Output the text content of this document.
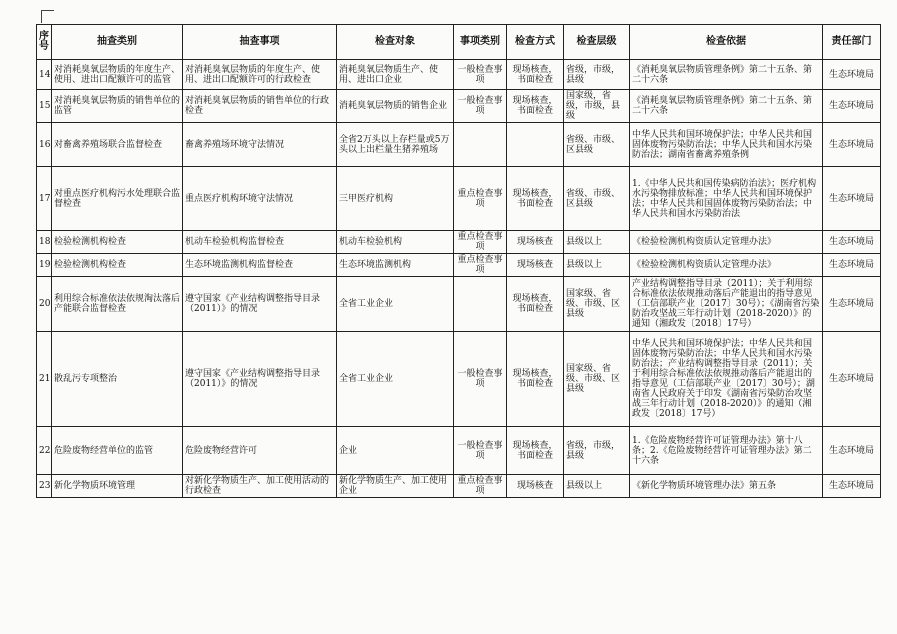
序号	抽查类别	抽查事项	检查对象	事项类别	检查方式	检查层级	检查依据	责任部门
14	对消耗臭氧层物质的年度生产、使用、进出口配额许可的监管	对消耗臭氧层物质的年度生产、使用、进出口配额许可的行政检查	消耗臭氧层物质生产、使用、进出口企业	一般检查事项	现场核查，书面检查	省级，市级，县级	《消耗臭氧层物质管理条例》第二十五条、第二十六条	生态环境局
15	对消耗臭氧层物质的销售单位的监管	对消耗臭氧层物质的销售单位的行政检查	消耗臭氧层物质的销售企业	一般检查事项	现场核查，书面检查	国家级，省级，市级，县级	《消耗臭氧层物质管理条例》第二十五条、第二十六条	生态环境局
16	对畜禽养殖场联合监督检查	畜禽养殖场环境守法情况	全省2万头以上存栏量或5万头以上出栏量生猪养殖场			省级、市级、区县级	中华人民共和国环境保护法；中华人民共和国固体废物污染防治法；中华人民共和国水污染防治法；湖南省畜禽养殖条例	生态环境局
17	对重点医疗机构污水处理联合监督检查	重点医疗机构环境守法情况	三甲医疗机构	重点检查事项	现场核查，书面检查	省级、市级、区县级	1.《中华人民共和国传染病防治法》；医疗机构水污染物排放标准；中华人民共和国环境保护法；中华人民共和国固体废物污染防治法；中华人民共和国水污染防治法	生态环境局
18	检验检测机构检查	机动车检验机构监督检查	机动车检验机构	重点检查事项	现场核查	县级以上	《检验检测机构资质认定管理办法》	生态环境局
19	检验检测机构检查	生态环境监测机构监督检查	生态环境监测机构	重点检查事项	现场核查	县级以上	《检验检测机构资质认定管理办法》	生态环境局
20	利用综合标准依法依规淘汰落后产能联合监督检查	遵守国家《产业结构调整指导目录（2011）》的情况	全省工业企业		现场核查，书面检查	国家级、省级、市级、区县级	产业结构调整指导目录（2011）；关于利用综合标准依法依规推动落后产能退出的指导意见（工信部联产业〔2017〕30号）；《湖南省污染防治攻坚战三年行动计划（2018-2020）》的通知（湘政发〔2018〕17号）	生态环境局
21	散乱污专项整治	遵守国家《产业结构调整指导目录（2011）》的情况	全省工业企业	一般检查事项	现场核查，书面检查	国家级、省级、市级、区县级	中华人民共和国环境保护法；中华人民共和国固体废物污染防治法；中华人民共和国水污染防治法；产业结构调整指导目录（2011）；关于利用综合标准依法依规推动落后产能退出的指导意见（工信部联产业〔2017〕30号）；湖南省人民政府关于印发《湖南省污染防治攻坚战三年行动计划（2018-2020）》的通知（湘政发〔2018〕17号）	生态环境局
22	危险废物经营单位的监管	危险废物经营许可	企业	一般检查事项	现场核查，书面检查	省级，市级，县级	1.《危险废物经营许可证管理办法》第十八条；2.《危险废物经营许可证管理办法》第二十六条	生态环境局
23	新化学物质环境管理	对新化学物质生产、加工使用活动的行政检查	新化学物质生产、加工使用企业	重点检查事项	现场核查	县级以上	《新化学物质环境管理办法》第五条	生态环境局
